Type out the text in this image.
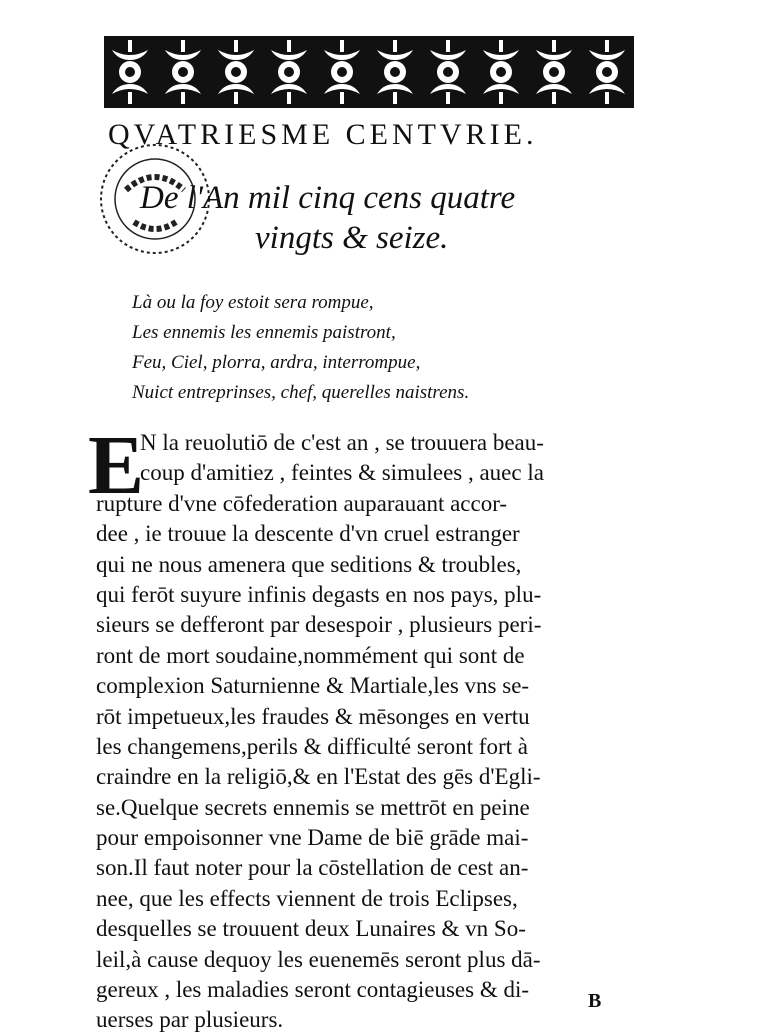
QVATRIESME CENTVRIE.
De l'An mil cinq cens quatre
vingts & seize.
Là ou la foy estoit sera rompue,
Les ennemis les ennemis paistront,
Feu, Ciel, plorra, ardra, interrompue,
Nuict entreprinses, chef, querelles naistrens.
E
N la reuolutiō de c'est an , se trouuera beau-
coup d'amitiez , feintes & simulees , auec la
rupture d'vne cōfederation auparauant accor-
dee , ie trouue la descente d'vn cruel estranger
qui ne nous amenera que seditions & troubles,
qui ferōt suyure infinis degasts en nos pays, plu-
sieurs se defferont par desespoir , plusieurs peri-
ront de mort soudaine,nommément qui sont de
complexion Saturnienne & Martiale,les vns se-
rōt impetueux,les fraudes & mēsonges en vertu
les changemens,perils & difficulté seront fort à
craindre en la religiō,& en l'Estat des gēs d'Egli-
se.Quelque secrets ennemis se mettrōt en peine
pour empoisonner vne Dame de biē grāde mai-
son.Il faut noter pour la cōstellation de cest an-
nee, que les effects viennent de trois Eclipses,
desquelles se trouuent deux Lunaires & vn So-
leil,à cause dequoy les euenemēs seront plus dā-
gereux , les maladies seront contagieuses & di-
uerses par plusieurs.
B
